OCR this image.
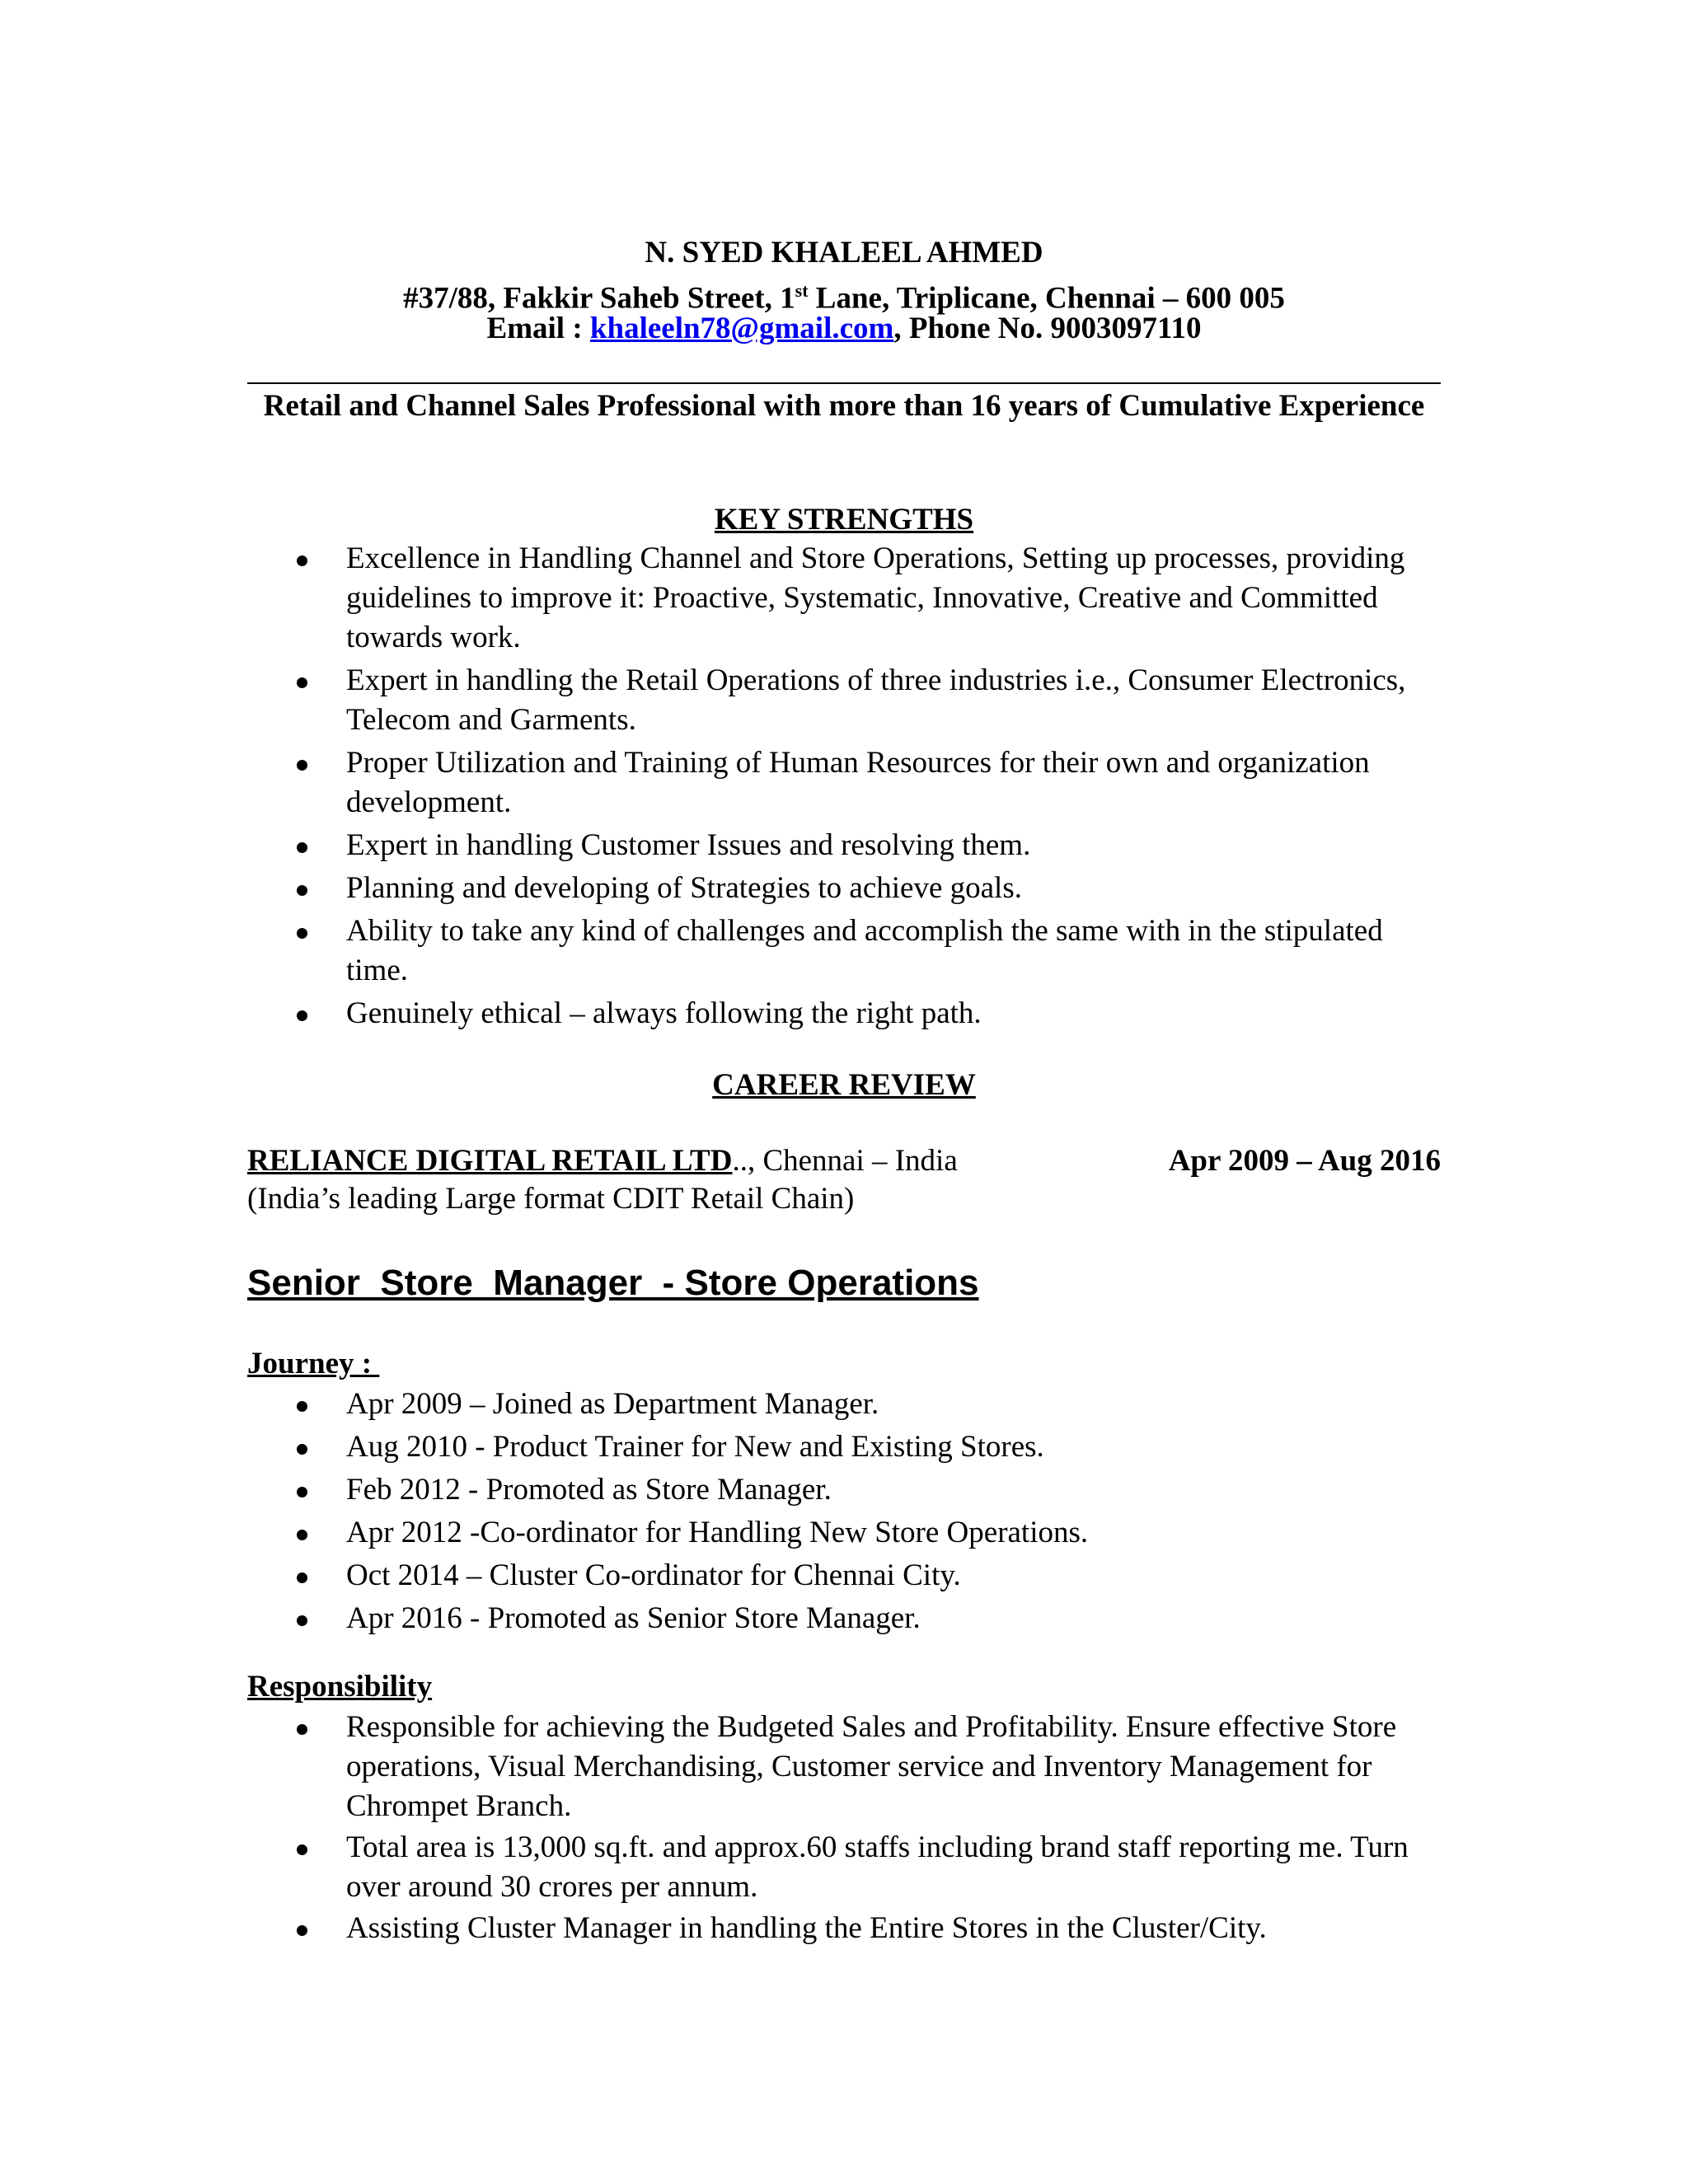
N. SYED KHALEEL AHMED
#37/88, Fakkir Saheb Street, 1st Lane, Triplicane, Chennai – 600 005
Email : khaleeln78@gmail.com, Phone No. 9003097110
Retail and Channel Sales Professional with more than 16 years of Cumulative Experience
KEY STRENGTHS
Excellence in Handling Channel and Store Operations, Setting up processes, providing guidelines to improve it: Proactive, Systematic, Innovative, Creative and Committed towards work.
Expert in handling the Retail Operations of three industries i.e., Consumer Electronics, Telecom and Garments.
Proper Utilization and Training of Human Resources for their own and organization development.
Expert in handling Customer Issues and resolving them.
Planning and developing of Strategies to achieve goals.
Ability to take any kind of challenges and accomplish the same with in the stipulated time.
Genuinely ethical – always following the right path.
CAREER REVIEW
RELIANCE DIGITAL RETAIL LTD.., Chennai – India	Apr 2009 – Aug 2016
(India’s leading Large format CDIT Retail Chain)
Senior  Store  Manager  - Store Operations
Journey :
Apr 2009 – Joined as Department Manager.
Aug 2010 - Product Trainer for New and Existing Stores.
Feb 2012 - Promoted as Store Manager.
Apr 2012 -Co-ordinator for Handling New Store Operations.
Oct 2014 – Cluster Co-ordinator for Chennai City.
Apr 2016 - Promoted as Senior Store Manager.
Responsibility
Responsible for achieving the Budgeted Sales and Profitability. Ensure effective Store operations, Visual Merchandising, Customer service and Inventory Management for Chrompet Branch.
Total area is 13,000 sq.ft. and approx.60 staffs including brand staff reporting me. Turn over around 30 crores per annum.
Assisting Cluster Manager in handling the Entire Stores in the Cluster/City.
